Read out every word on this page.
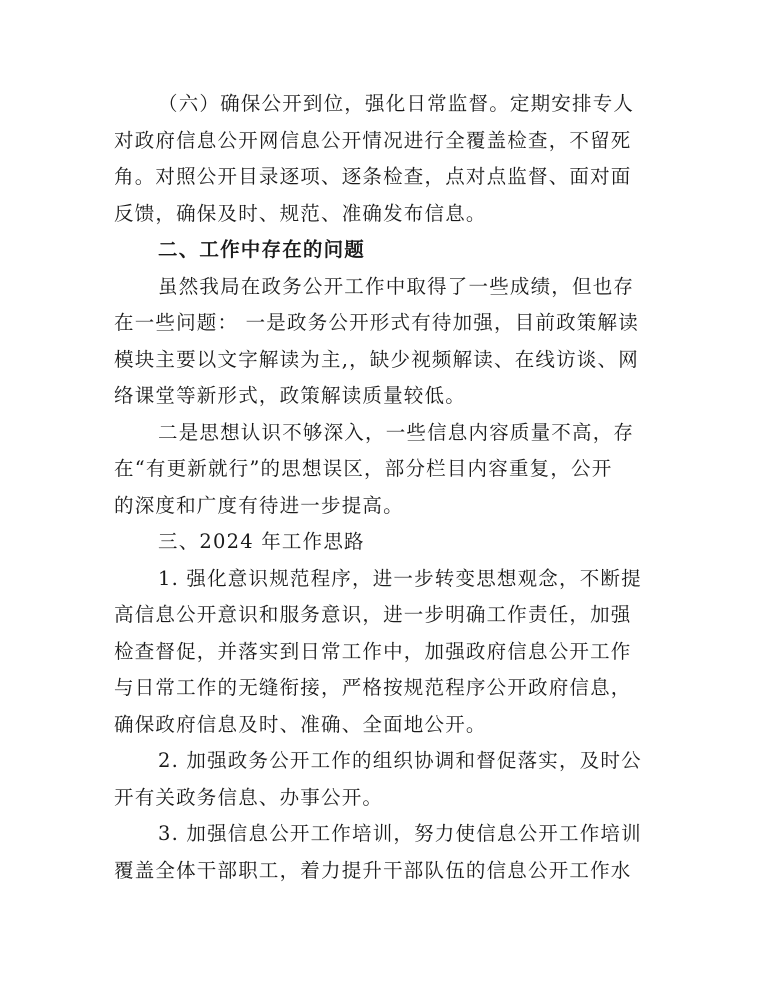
（六）确保公开到位，强化日常监督。定期安排专人
对政府信息公开网信息公开情况进行全覆盖检查，不留死
角。对照公开目录逐项、逐条检查，点对点监督、面对面
反馈，确保及时、规范、准确发布信息。
二、工作中存在的问题
虽然我局在政务公开工作中取得了一些成绩，但也存
在一些问题： 一是政务公开形式有待加强，目前政策解读
模块主要以文字解读为主,，缺少视频解读、在线访谈、网
络课堂等新形式，政策解读质量较低。
二是思想认识不够深入，一些信息内容质量不高，存
在“有更新就行”的思想误区，部分栏目内容重复，公开
的深度和广度有待进一步提高。
三、2024 年工作思路
1. 强化意识规范程序，进一步转变思想观念，不断提
高信息公开意识和服务意识，进一步明确工作责任，加强
检查督促，并落实到日常工作中，加强政府信息公开工作
与日常工作的无缝衔接，严格按规范程序公开政府信息，
确保政府信息及时、准确、全面地公开。
2. 加强政务公开工作的组织协调和督促落实，及时公
开有关政务信息、办事公开。
3. 加强信息公开工作培训，努力使信息公开工作培训
覆盖全体干部职工，着力提升干部队伍的信息公开工作水
